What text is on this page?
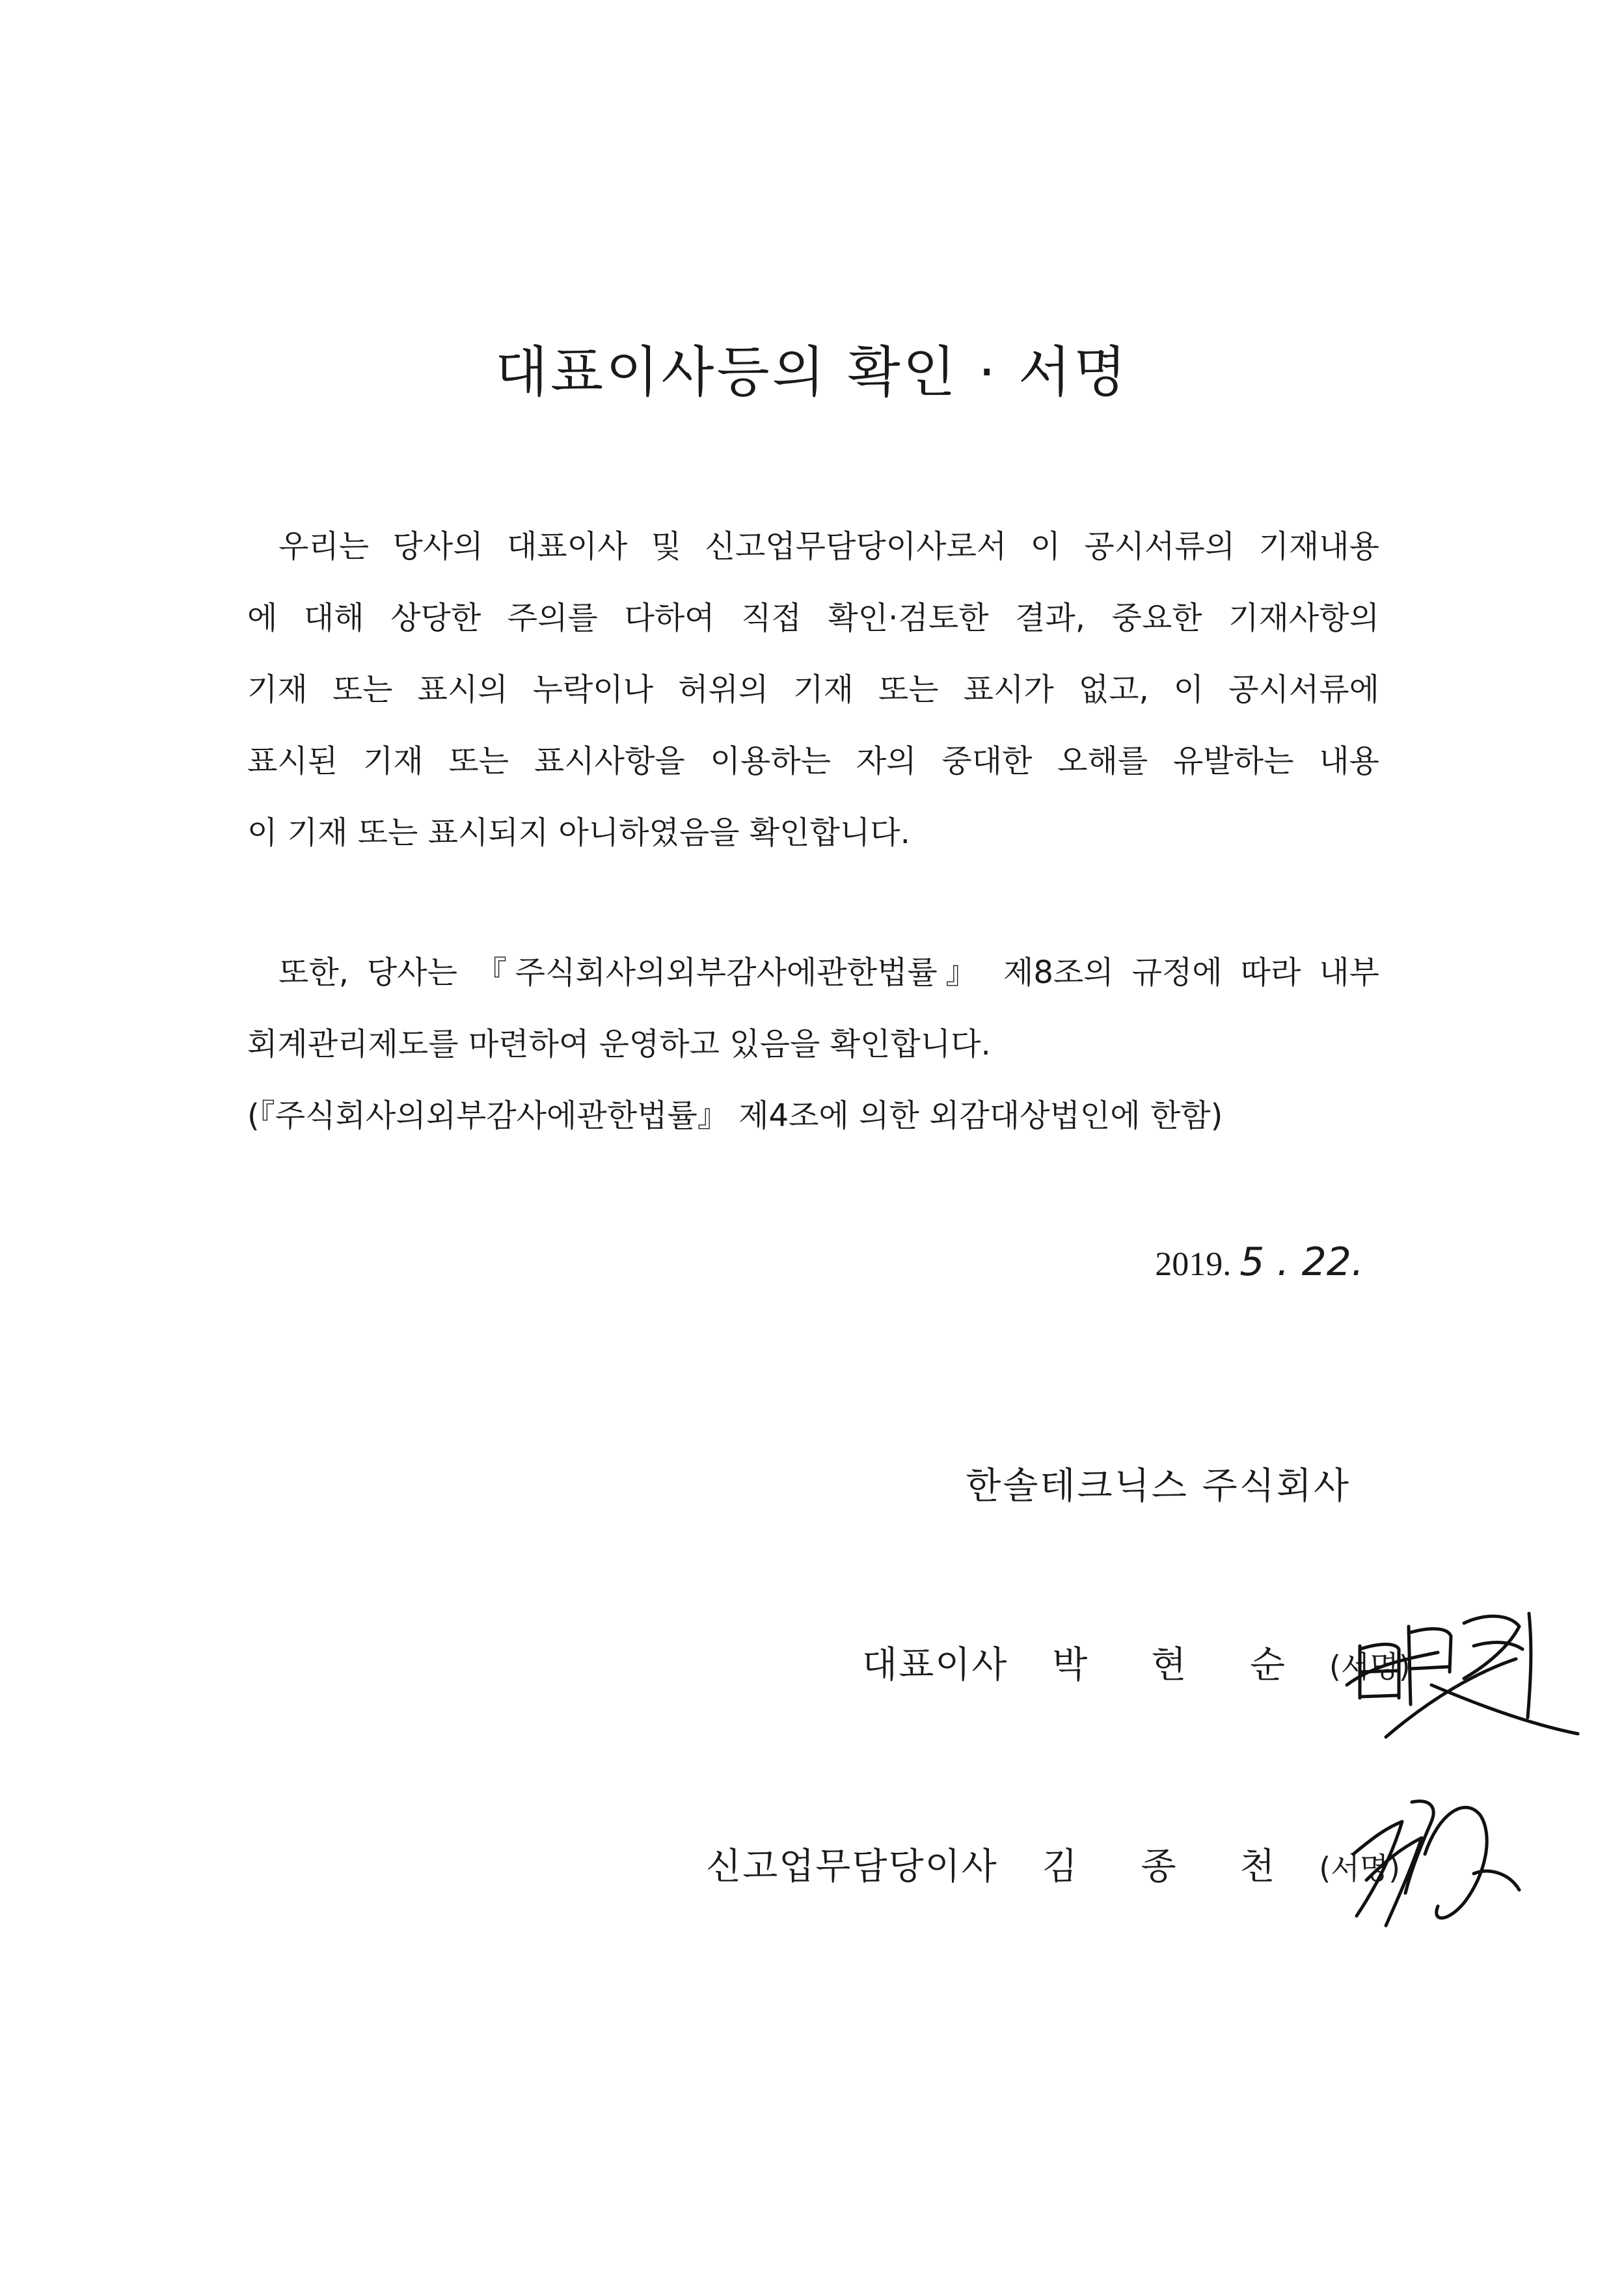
대표이사등의 확인 · 서명
우리는 당사의 대표이사 및 신고업무담당이사로서 이 공시서류의 기재내용
에 대해 상당한 주의를 다하여 직접 확인·검토한 결과, 중요한 기재사항의
기재 또는 표시의 누락이나 허위의 기재 또는 표시가 없고, 이 공시서류에
표시된 기재 또는 표시사항을 이용하는 자의 중대한 오해를 유발하는 내용
이 기재 또는 표시되지 아니하였음을 확인합니다.
또한, 당사는 『주식회사의외부감사에관한법률』 제8조의 규정에 따라 내부
회계관리제도를 마련하여 운영하고 있음을 확인합니다.
(『주식회사의외부감사에관한법률』 제4조에 의한 외감대상법인에 한함)
2019. 5 . 22.
한솔테크닉스 주식회사
대표이사 박 현 순 (서명)
신고업무담당이사 김 종 천 (서명)
